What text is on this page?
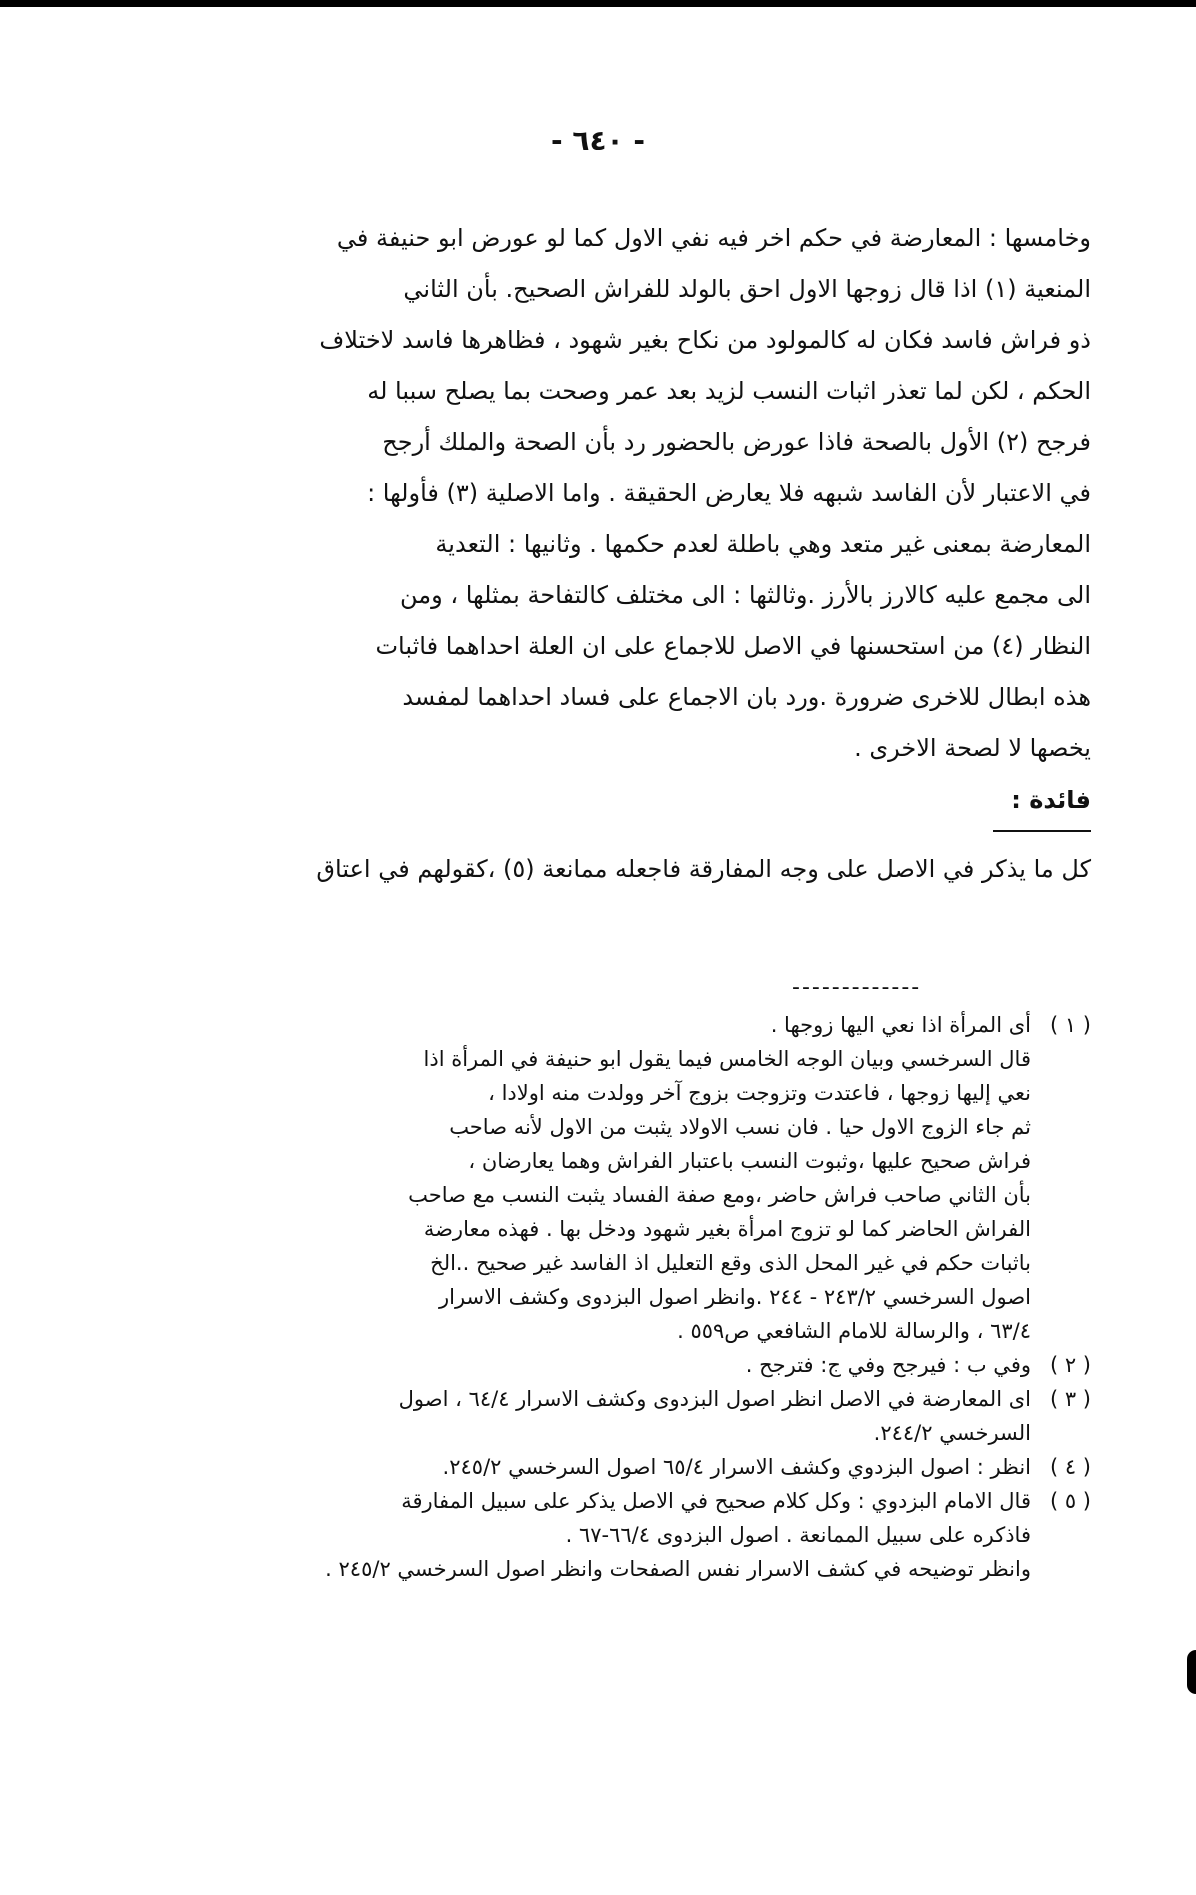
- ٦٤٠ -
وخامسها : المعارضة في حكم اخر فيه نفي الاول كما لو عورض ابو حنيفة في
المنعية (١) اذا قال زوجها الاول احق بالولد للفراش الصحيح. بأن الثاني
ذو فراش فاسد فكان له كالمولود من نكاح بغير شهود ، فظاهرها فاسد لاختلاف
الحكم ، لكن لما تعذر اثبات النسب لزيد بعد عمر وصحت بما يصلح سببا له
فرجح (٢) الأول بالصحة فاذا عورض بالحضور رد بأن الصحة والملك أرجح
في الاعتبار لأن الفاسد شبهه فلا يعارض الحقيقة . واما الاصلية (٣) فأولها :
المعارضة بمعنى غير متعد وهي باطلة لعدم حكمها . وثانيها : التعدية
الى مجمع عليه كالارز بالأرز .وثالثها : الى مختلف كالتفاحة بمثلها ، ومن
النظار (٤) من استحسنها في الاصل للاجماع على ان العلة احداهما فاثبات
هذه ابطال للاخرى ضرورة .ورد بان الاجماع على فساد احداهما لمفسد
يخصها لا لصحة الاخرى .
فائدة :
كل ما يذكر في الاصل على وجه المفارقة فاجعله ممانعة (٥) ،كقولهم في اعتاق
-------------
( ١ )
أى المرأة اذا نعي اليها زوجها .
قال السرخسي وبيان الوجه الخامس فيما يقول ابو حنيفة في المرأة اذا
نعي إليها زوجها ، فاعتدت وتزوجت بزوج آخر وولدت منه اولادا ،
ثم جاء الزوج الاول حيا . فان نسب الاولاد يثبت من الاول لأنه صاحب
فراش صحيح عليها ،وثبوت النسب باعتبار الفراش وهما يعارضان ،
بأن الثاني صاحب فراش حاضر ،ومع صفة الفساد يثبت النسب مع صاحب
الفراش الحاضر كما لو تزوج امرأة بغير شهود ودخل بها . فهذه معارضة
باثبات حكم في غير المحل الذى وقع التعليل اذ الفاسد غير صحيح ..الخ
اصول السرخسي ٢٤٣/٢ - ٢٤٤ .وانظر اصول البزدوى وكشف الاسرار
٦٣/٤ ، والرسالة للامام الشافعي ص٥٥٩ .
( ٢ )
وفي ب : فيرجح وفي ج: فترجح .
( ٣ )
اى المعارضة في الاصل انظر اصول البزدوى وكشف الاسرار ٦٤/٤ ، اصول
السرخسي ٢٤٤/٢.
( ٤ )
انظر : اصول البزدوي وكشف الاسرار ٦٥/٤ اصول السرخسي ٢٤٥/٢.
( ٥ )
قال الامام البزدوي : وكل كلام صحيح في الاصل يذكر على سبيل المفارقة
فاذكره على سبيل الممانعة . اصول البزدوى ٦٦/٤-٦٧ .
وانظر توضيحه في كشف الاسرار نفس الصفحات وانظر اصول السرخسي ٢٤٥/٢ .
